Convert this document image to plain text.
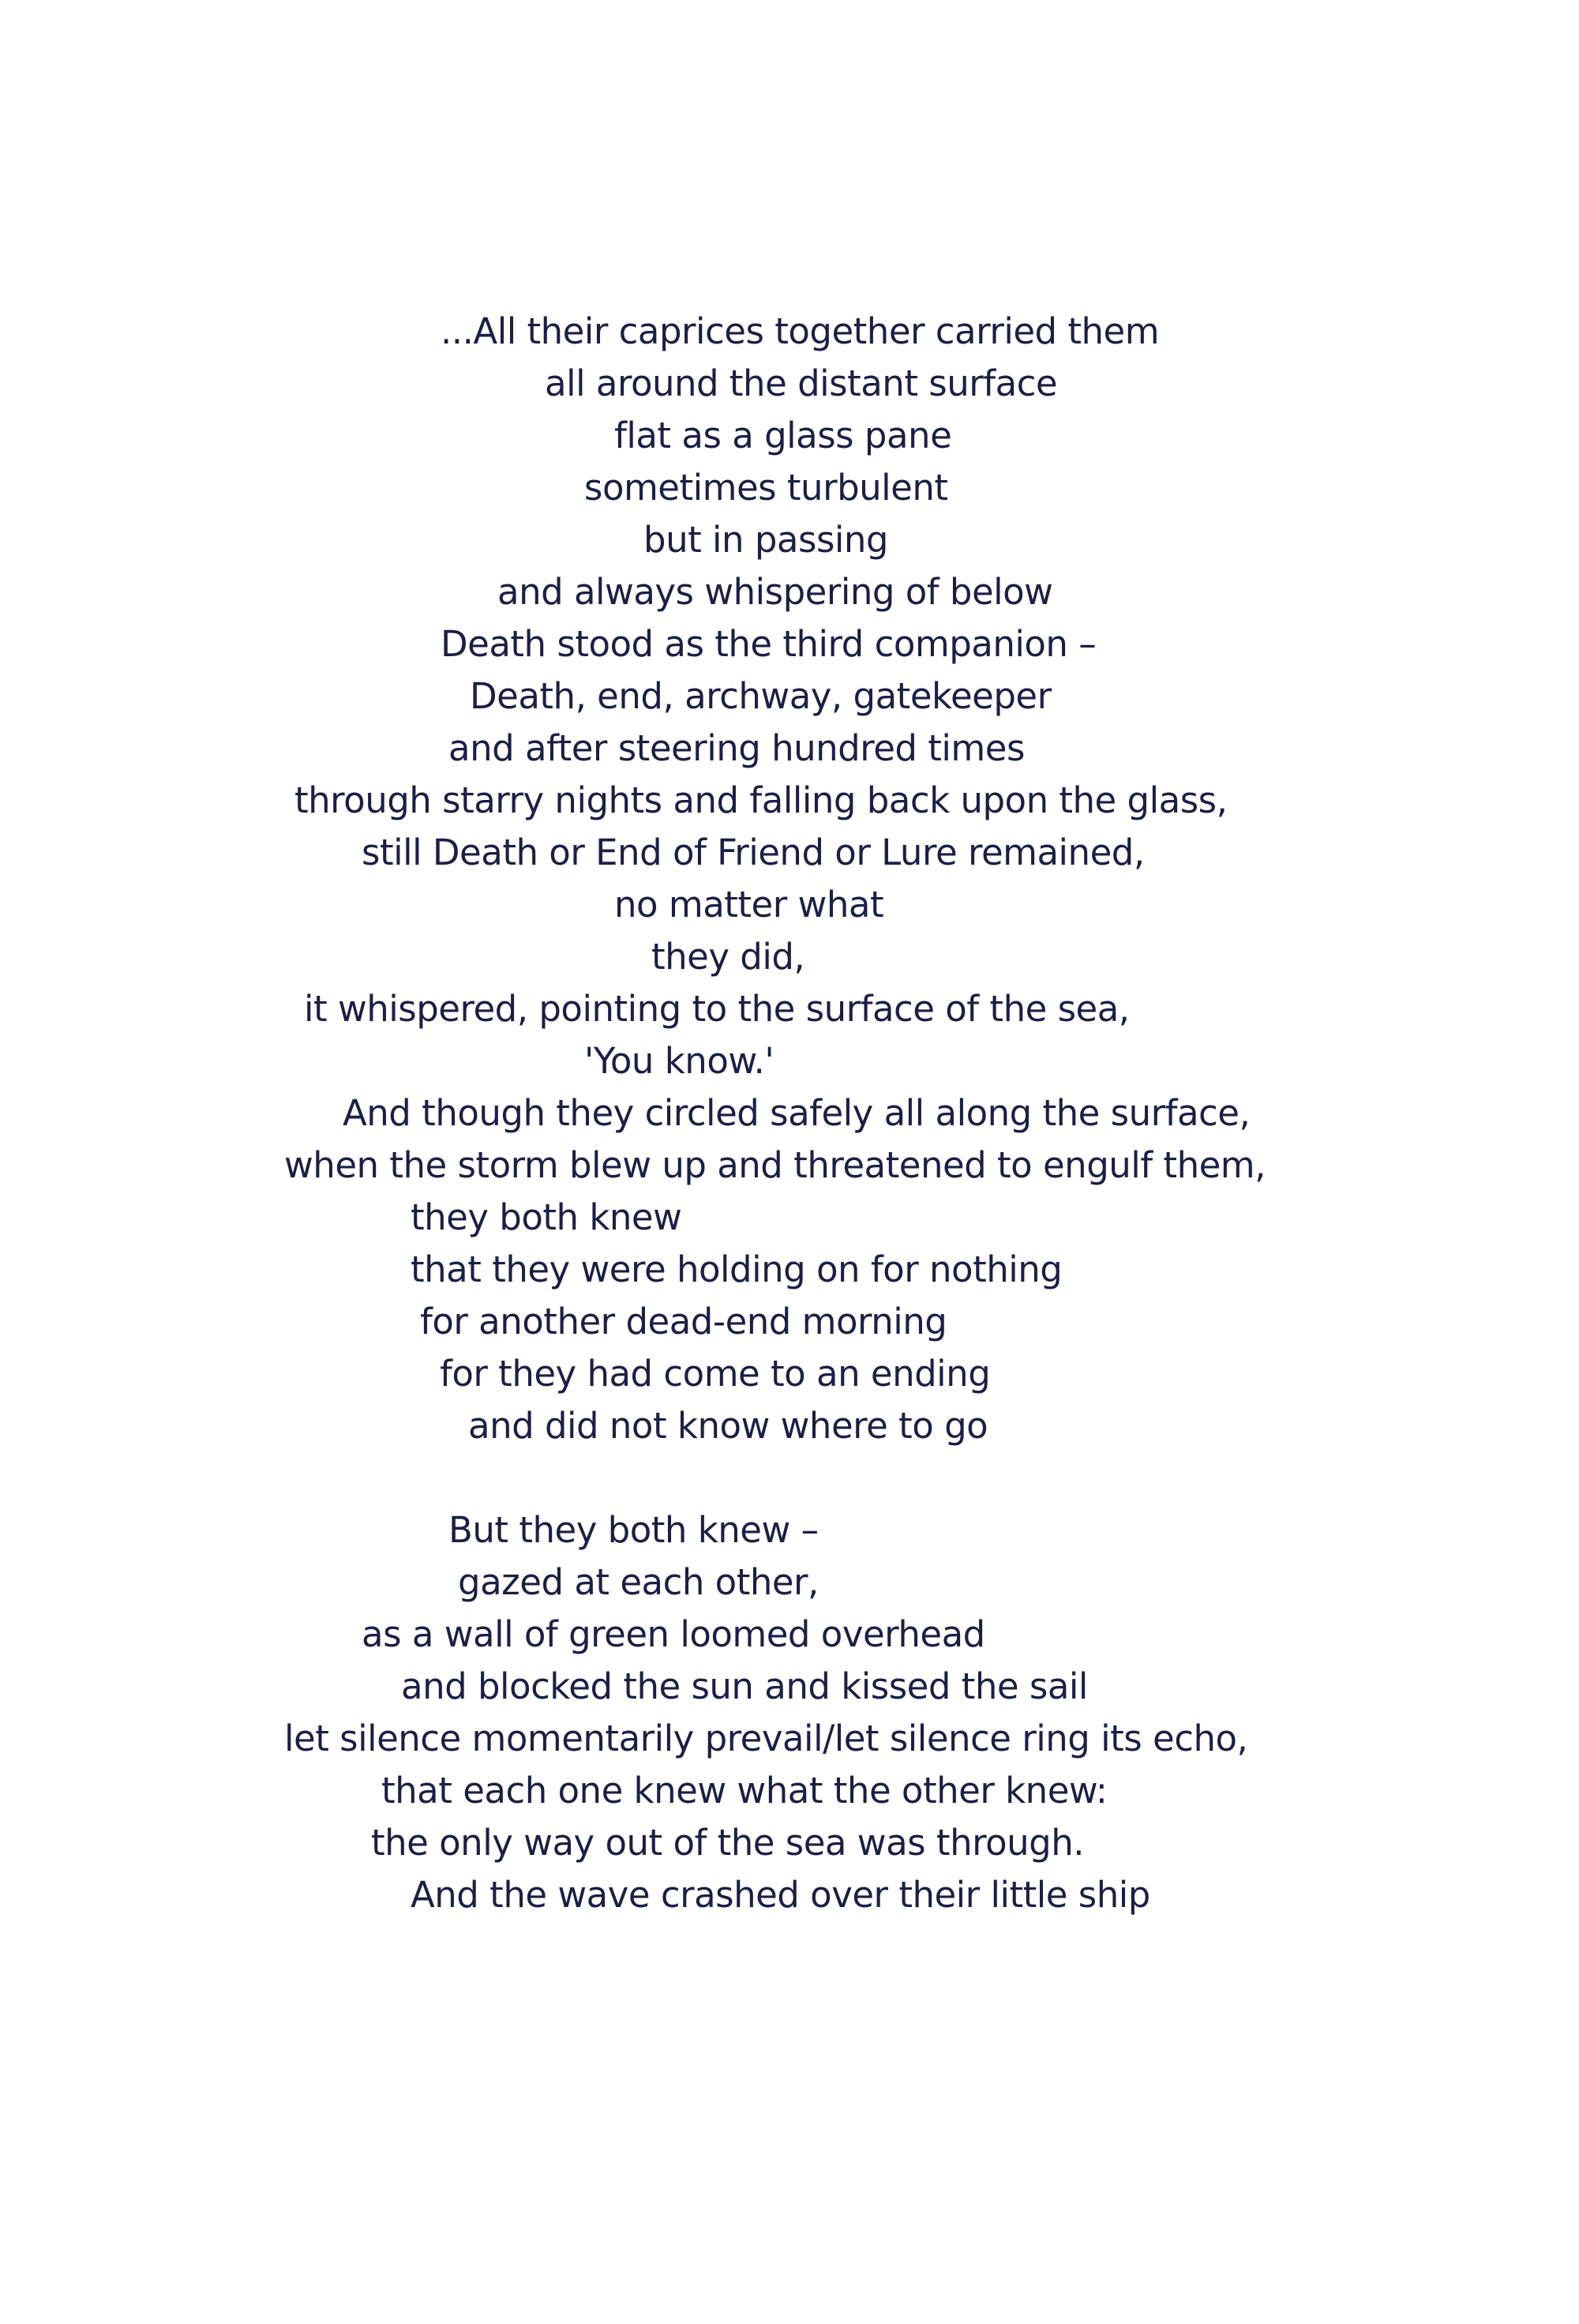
...All their caprices together carried them
all around the distant surface
flat as a glass pane
sometimes turbulent
but in passing
and always whispering of below
Death stood as the third companion –
Death, end, archway, gatekeeper
and after steering hundred times
through starry nights and falling back upon the glass,
still Death or End of Friend or Lure remained,
no matter what
they did,
it whispered, pointing to the surface of the sea,
'You know.'
And though they circled safely all along the surface,
when the storm blew up and threatened to engulf them,
they both knew
that they were holding on for nothing
for another dead-end morning
for they had come to an ending
and did not know where to go
But they both knew –
gazed at each other,
as a wall of green loomed overhead
and blocked the sun and kissed the sail
let silence momentarily prevail/let silence ring its echo,
that each one knew what the other knew:
the only way out of the sea was through.
And the wave crashed over their little ship
